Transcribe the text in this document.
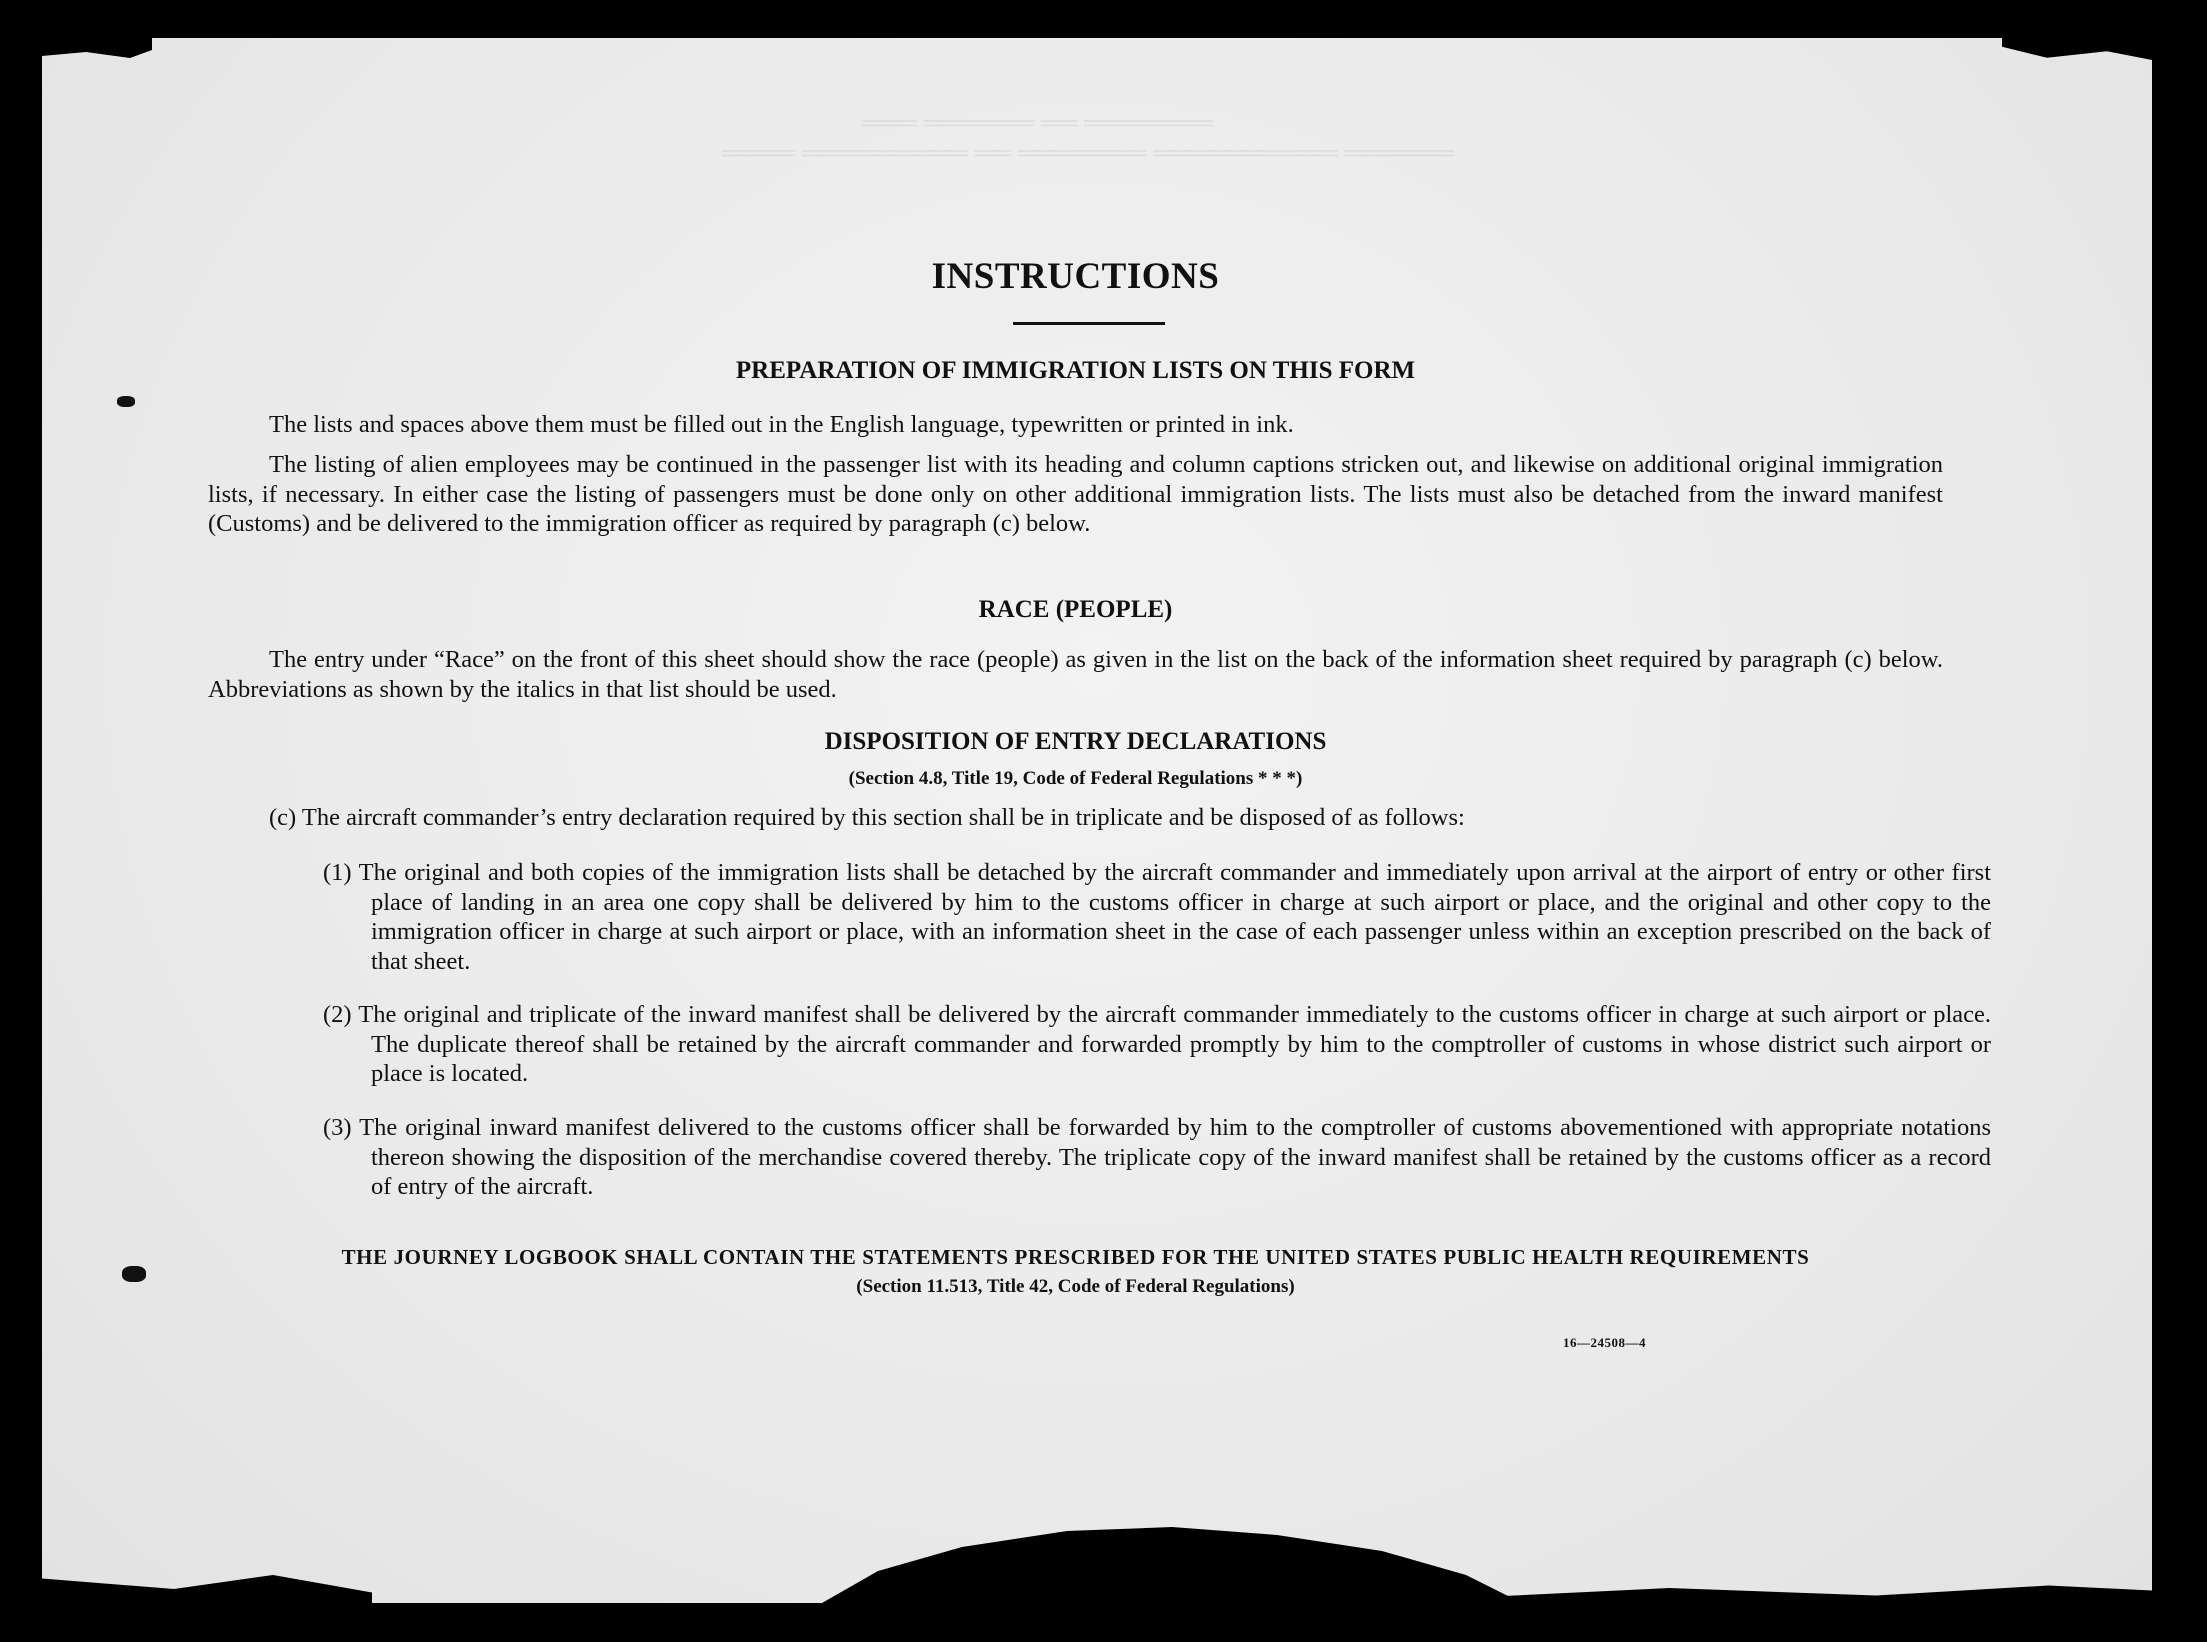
═══ ══════ ══ ═══════
════ ═════════ ══ ═══════ ══════════ ══════
INSTRUCTIONS
PREPARATION OF IMMIGRATION LISTS ON THIS FORM

The lists and spaces above them must be filled out in the English language, typewritten or printed in ink.

The listing of alien employees may be continued in the passenger list with its heading and column captions stricken out, and likewise on additional original immigration lists, if necessary. In either case the listing of passengers must be done only on other additional immigration lists. The lists must also be detached from the inward manifest (Customs) and be delivered to the immigration officer as required by paragraph (c) below.

RACE (PEOPLE)

The entry under “Race” on the front of this sheet should show the race (people) as given in the list on the back of the information sheet required by paragraph (c) below. Abbreviations as shown by the italics in that list should be used.

DISPOSITION OF ENTRY DECLARATIONS
(Section 4.8, Title 19, Code of Federal Regulations * * *)

(c) The aircraft commander’s entry declaration required by this section shall be in triplicate and be disposed of as follows:

(1) The original and both copies of the immigration lists shall be detached by the aircraft commander and immediately upon arrival at the airport of entry or other first place of landing in an area one copy shall be delivered by him to the customs officer in charge at such airport or place, and the original and other copy to the immigration officer in charge at such airport or place, with an information sheet in the case of each passenger unless within an exception prescribed on the back of that sheet.

(2) The original and triplicate of the inward manifest shall be delivered by the aircraft commander immediately to the customs officer in charge at such airport or place. The duplicate thereof shall be retained by the aircraft commander and forwarded promptly by him to the comptroller of customs in whose district such airport or place is located.

(3) The original inward manifest delivered to the customs officer shall be forwarded by him to the comptroller of customs abovementioned with appropriate notations thereon showing the disposition of the merchandise covered thereby. The triplicate copy of the inward manifest shall be retained by the customs officer as a record of entry of the aircraft.

THE JOURNEY LOGBOOK SHALL CONTAIN THE STATEMENTS PRESCRIBED FOR THE UNITED STATES PUBLIC HEALTH REQUIREMENTS
(Section 11.513, Title 42, Code of Federal Regulations)
16—24508—4
